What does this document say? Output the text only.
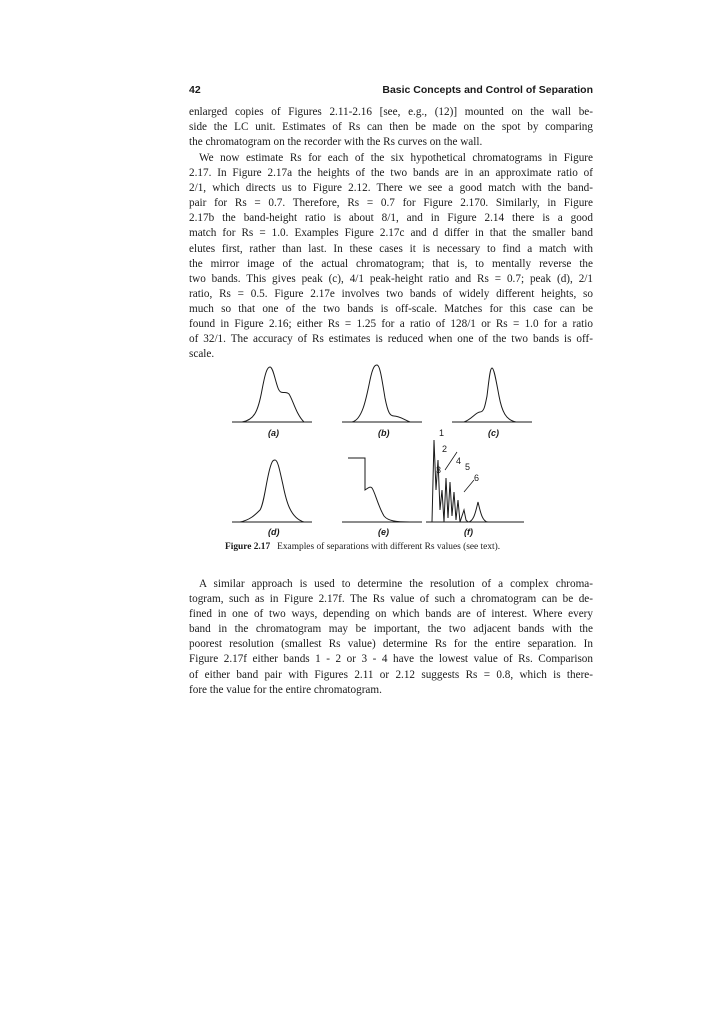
42	Basic Concepts and Control of Separation

enlarged copies of Figures 2.11-2.16 [see, e.g., (12)] mounted on the wall be-
side the LC unit. Estimates of Rs can then be made on the spot by comparing
the chromatogram on the recorder with the Rs curves on the wall.

We now estimate Rs for each of the six hypothetical chromatograms in Figure
2.17. In Figure 2.17a the heights of the two bands are in an approximate ratio of
2/1, which directs us to Figure 2.12. There we see a good match with the band-
pair for Rs = 0.7. Therefore, Rs = 0.7 for Figure 2.170. Similarly, in Figure
2.17b the band-height ratio is about 8/1, and in Figure 2.14 there is a good
match for Rs = 1.0. Examples Figure 2.17c and d differ in that the smaller band
elutes first, rather than last. In these cases it is necessary to find a match with
the mirror image of the actual chromatogram; that is, to mentally reverse the
two bands. This gives peak (c), 4/1 peak-height ratio and Rs = 0.7; peak (d), 2/1
ratio, Rs = 0.5. Figure 2.17e involves two bands of widely different heights, so
much so that one of the two bands is off-scale. Matches for this case can be
found in Figure 2.16; either Rs = 1.25 for a ratio of 128/1 or Rs = 1.0 for a ratio
of 32/1. The accuracy of Rs estimates is reduced when one of the two bands is off-
scale.

(a)	(b)	(c)
(d)	(e)	(f)
1
2
3
4
5
6
Figure 2.17 Examples of separations with different Rs values (see text).

A similar approach is used to determine the resolution of a complex chroma-
togram, such as in Figure 2.17f. The Rs value of such a chromatogram can be de-
fined in one of two ways, depending on which bands are of interest. Where every
band in the chromatogram may be important, the two adjacent bands with the
poorest resolution (smallest Rs value) determine Rs for the entire separation. In
Figure 2.17f either bands 1 - 2 or 3 - 4 have the lowest value of Rs. Comparison
of either band pair with Figures 2.11 or 2.12 suggests Rs = 0.8, which is there-
fore the value for the entire chromatogram.
